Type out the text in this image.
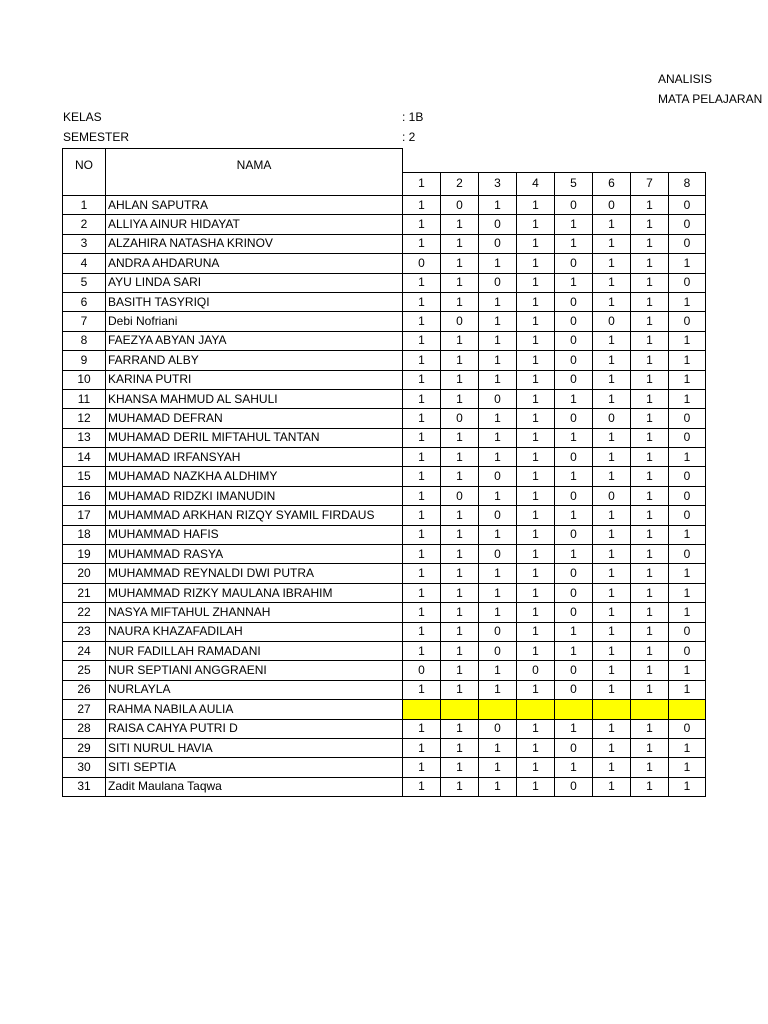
ANALISIS
MATA PELAJARAN
KELAS	: 1B
SEMESTER	: 2
NO	NAMA								
		1	2	3	4	5	6	7	8
1	AHLAN SAPUTRA	1	0	1	1	0	0	1	0
2	ALLIYA AINUR HIDAYAT	1	1	0	1	1	1	1	0
3	ALZAHIRA NATASHA KRINOV	1	1	0	1	1	1	1	0
4	ANDRA AHDARUNA	0	1	1	1	0	1	1	1
5	AYU LINDA SARI	1	1	0	1	1	1	1	0
6	BASITH TASYRIQI	1	1	1	1	0	1	1	1
7	Debi Nofriani	1	0	1	1	0	0	1	0
8	FAEZYA ABYAN JAYA	1	1	1	1	0	1	1	1
9	FARRAND ALBY	1	1	1	1	0	1	1	1
10	KARINA PUTRI	1	1	1	1	0	1	1	1
11	KHANSA MAHMUD AL SAHULI	1	1	0	1	1	1	1	1
12	MUHAMAD DEFRAN	1	0	1	1	0	0	1	0
13	MUHAMAD DERIL MIFTAHUL TANTAN	1	1	1	1	1	1	1	0
14	MUHAMAD IRFANSYAH	1	1	1	1	0	1	1	1
15	MUHAMAD NAZKHA ALDHIMY	1	1	0	1	1	1	1	0
16	MUHAMAD RIDZKI IMANUDIN	1	0	1	1	0	0	1	0
17	MUHAMMAD ARKHAN RIZQY SYAMIL FIRDAUS	1	1	0	1	1	1	1	0
18	MUHAMMAD HAFIS	1	1	1	1	0	1	1	1
19	MUHAMMAD RASYA	1	1	0	1	1	1	1	0
20	MUHAMMAD REYNALDI DWI PUTRA	1	1	1	1	0	1	1	1
21	MUHAMMAD RIZKY MAULANA IBRAHIM	1	1	1	1	0	1	1	1
22	NASYA MIFTAHUL ZHANNAH	1	1	1	1	0	1	1	1
23	NAURA KHAZAFADILAH	1	1	0	1	1	1	1	0
24	NUR FADILLAH RAMADANI	1	1	0	1	1	1	1	0
25	NUR SEPTIANI ANGGRAENI	0	1	1	0	0	1	1	1
26	NURLAYLA	1	1	1	1	0	1	1	1
27	RAHMA NABILA AULIA								
28	RAISA CAHYA PUTRI D	1	1	0	1	1	1	1	0
29	SITI NURUL HAVIA	1	1	1	1	0	1	1	1
30	SITI SEPTIA	1	1	1	1	1	1	1	1
31	Zadit Maulana Taqwa	1	1	1	1	0	1	1	1
